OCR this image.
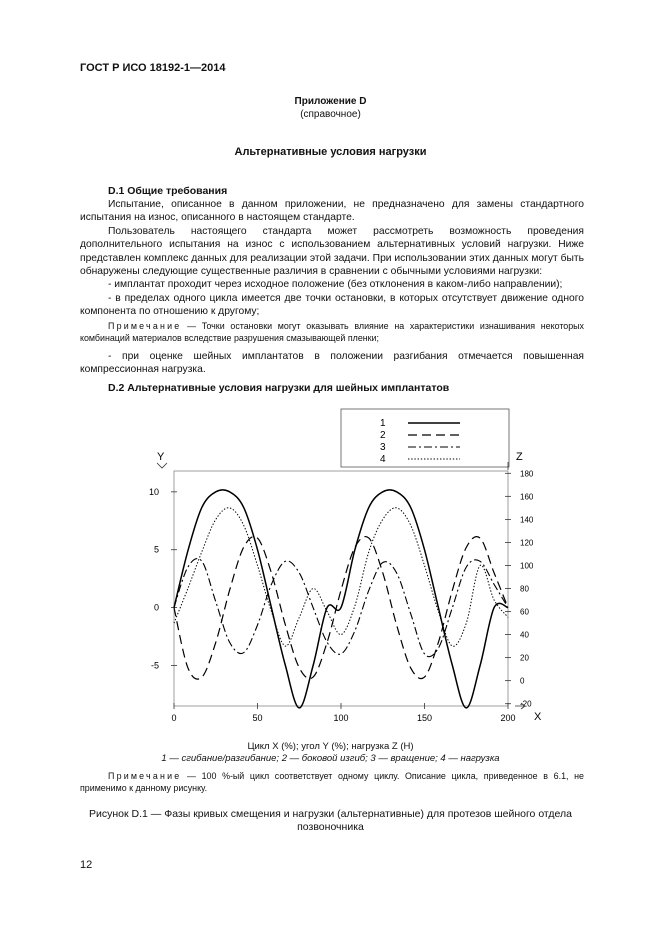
ГОСТ Р ИСО 18192-1—2014
Приложение D
(справочное)
Альтернативные условия нагрузки
D.1 Общие требования

Испытание, описанное в данном приложении, не предназначено для замены стандартного испытания на износ, описанного в настоящем стандарте.

Пользователь настоящего стандарта может рассмотреть возможность проведения дополнительного испытания на износ с использованием альтернативных условий нагрузки. Ниже представлен комплекс данных для реализации этой задачи. При использовании этих данных могут быть обнаружены следующие существенные различия в сравнении с обычными условиями нагрузки:

- имплантат проходит через исходное положение (без отклонения в каком-либо направлении);

- в пределах одного цикла имеется две точки остановки, в которых отсутствует движение одного компонента по отношению к другому;

Примечание — Точки остановки могут оказывать влияние на характеристики изнашивания некоторых комбинаций материалов вследствие разрушения смазывающей пленки;

- при оценке шейных имплантатов в положении разгибания отмечается повышенная компрессионная нагрузка.

D.2 Альтернативные условия нагрузки для шейных имплантатов
1
2
3
4
10
5
0
-5
180
160
140
120
100
80
60
40
20
0
-20
0	50	100	150	200
Y	Z
X
Цикл X (%); угол Y (%); нагрузка Z (Н)
1 — сгибание/разгибание; 2 — боковой изгиб; 3 — вращение; 4 — нагрузка
Примечание — 100 %-ый цикл соответствует одному циклу. Описание цикла, приведенное в 6.1, не применимо к данному рисунку.
Рисунок D.1 — Фазы кривых смещения и нагрузки (альтернативные) для протезов шейного отдела
позвоночника
12
